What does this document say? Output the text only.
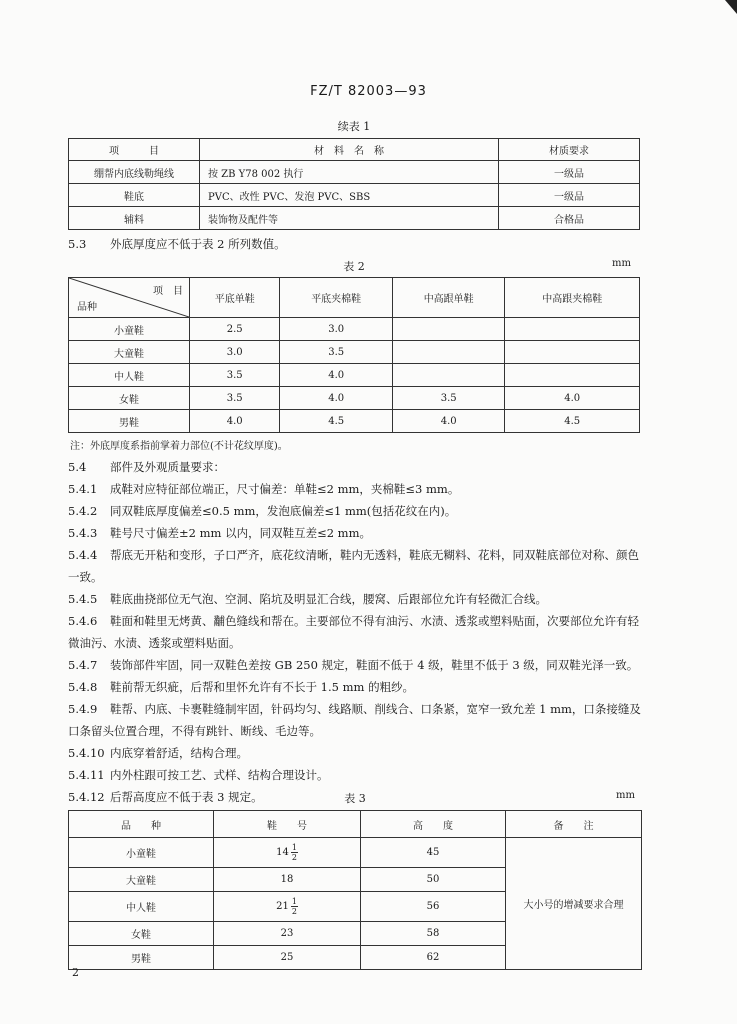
FZ/T 82003—93
续表 1
项　　　目	材　料　名　称	材质要求
绷帮内底线勒绳线	按 ZB Y78 002 执行	一级品
鞋底	PVC、改性 PVC、发泡 PVC、SBS	一级品
辅料	装饰物及配件等	合格品
5.3 外底厚度应不低于表 2 所列数值。
表 2	mm
项　目
品种	平底单鞋	平底夹棉鞋	中高跟单鞋	中高跟夹棉鞋
小童鞋	2.5	3.0		
大童鞋	3.0	3.5		
中人鞋	3.5	4.0		
女鞋	3.5	4.0	3.5	4.0
男鞋	4.0	4.5	4.0	4.5
注：外底厚度系指前掌着力部位(不计花纹厚度)。
5.4 部件及外观质量要求：
5.4.1 成鞋对应特征部位端正，尺寸偏差：单鞋≤2 mm，夹棉鞋≤3 mm。
5.4.2 同双鞋底厚度偏差≤0.5 mm，发泡底偏差≤1 mm(包括花纹在内)。
5.4.3 鞋号尺寸偏差±2 mm 以内，同双鞋互差≤2 mm。
5.4.4 帮底无开粘和变形，子口严齐，底花纹清晰，鞋内无透料，鞋底无糊料、花料，同双鞋底部位对称、颜色一致。
5.4.5 鞋底曲挠部位无气泡、空洞、陷坑及明显汇合线，腰窝、后跟部位允许有轻微汇合线。
5.4.6 鞋面和鞋里无烤黄、黼色缝线和帮在。主要部位不得有油污、水渍、透浆或塑料贴面，次要部位允许有轻微油污、水渍、透浆或塑料贴面。
5.4.7 装饰部件牢固，同一双鞋色差按 GB 250 规定，鞋面不低于 4 级，鞋里不低于 3 级，同双鞋光泽一致。
5.4.8 鞋前帮无织疵，后帮和里怀允许有不长于 1.5 mm 的粗纱。
5.4.9 鞋帮、内底、卡裹鞋缝制牢固，针码均匀、线路顺、削线合、口条紧，宽窄一致允差 1 mm，口条接缝及口条留头位置合理，不得有跳针、断线、毛边等。
5.4.10 内底穿着舒适，结构合理。
5.4.11 内外柱跟可按工艺、式样、结构合理设计。
5.4.12 后帮高度应不低于表 3 规定。	表 3	mm
品　　种	鞋　　号	高　　度	备　　注
小童鞋	$14 \frac{1}{2}$	45	大小号的增减要求合理
大童鞋	18	50	
中人鞋	$21 \frac{1}{2}$	56	
女鞋	23	58	
男鞋	25	62	
2
